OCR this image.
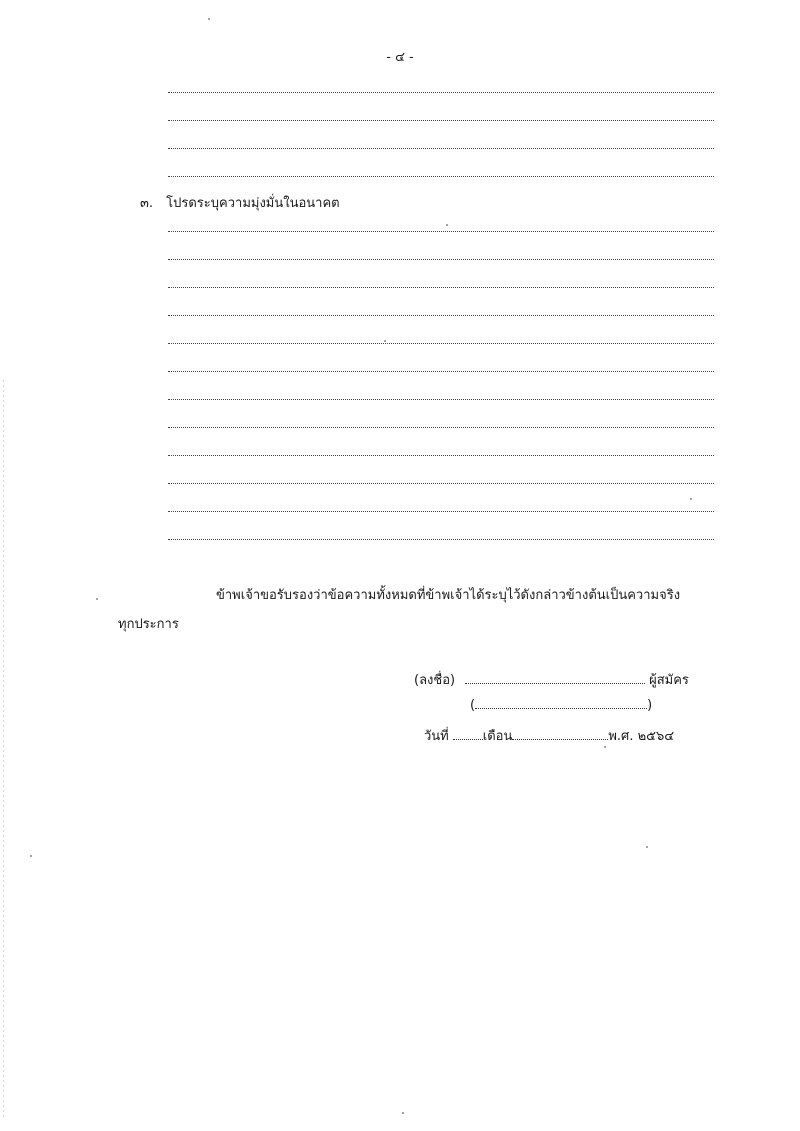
- ๔ -
๓. โปรดระบุความมุ่งมั่นในอนาคต
ข้าพเจ้าขอรับรองว่าข้อความทั้งหมดที่ข้าพเจ้าได้ระบุไว้ดังกล่าวข้างต้นเป็นความจริง
ทุกประการ
(ลงชื่อ)	ผู้สมัคร
(	)
วันที่	เดือน	พ.ศ. ๒๕๖๔
